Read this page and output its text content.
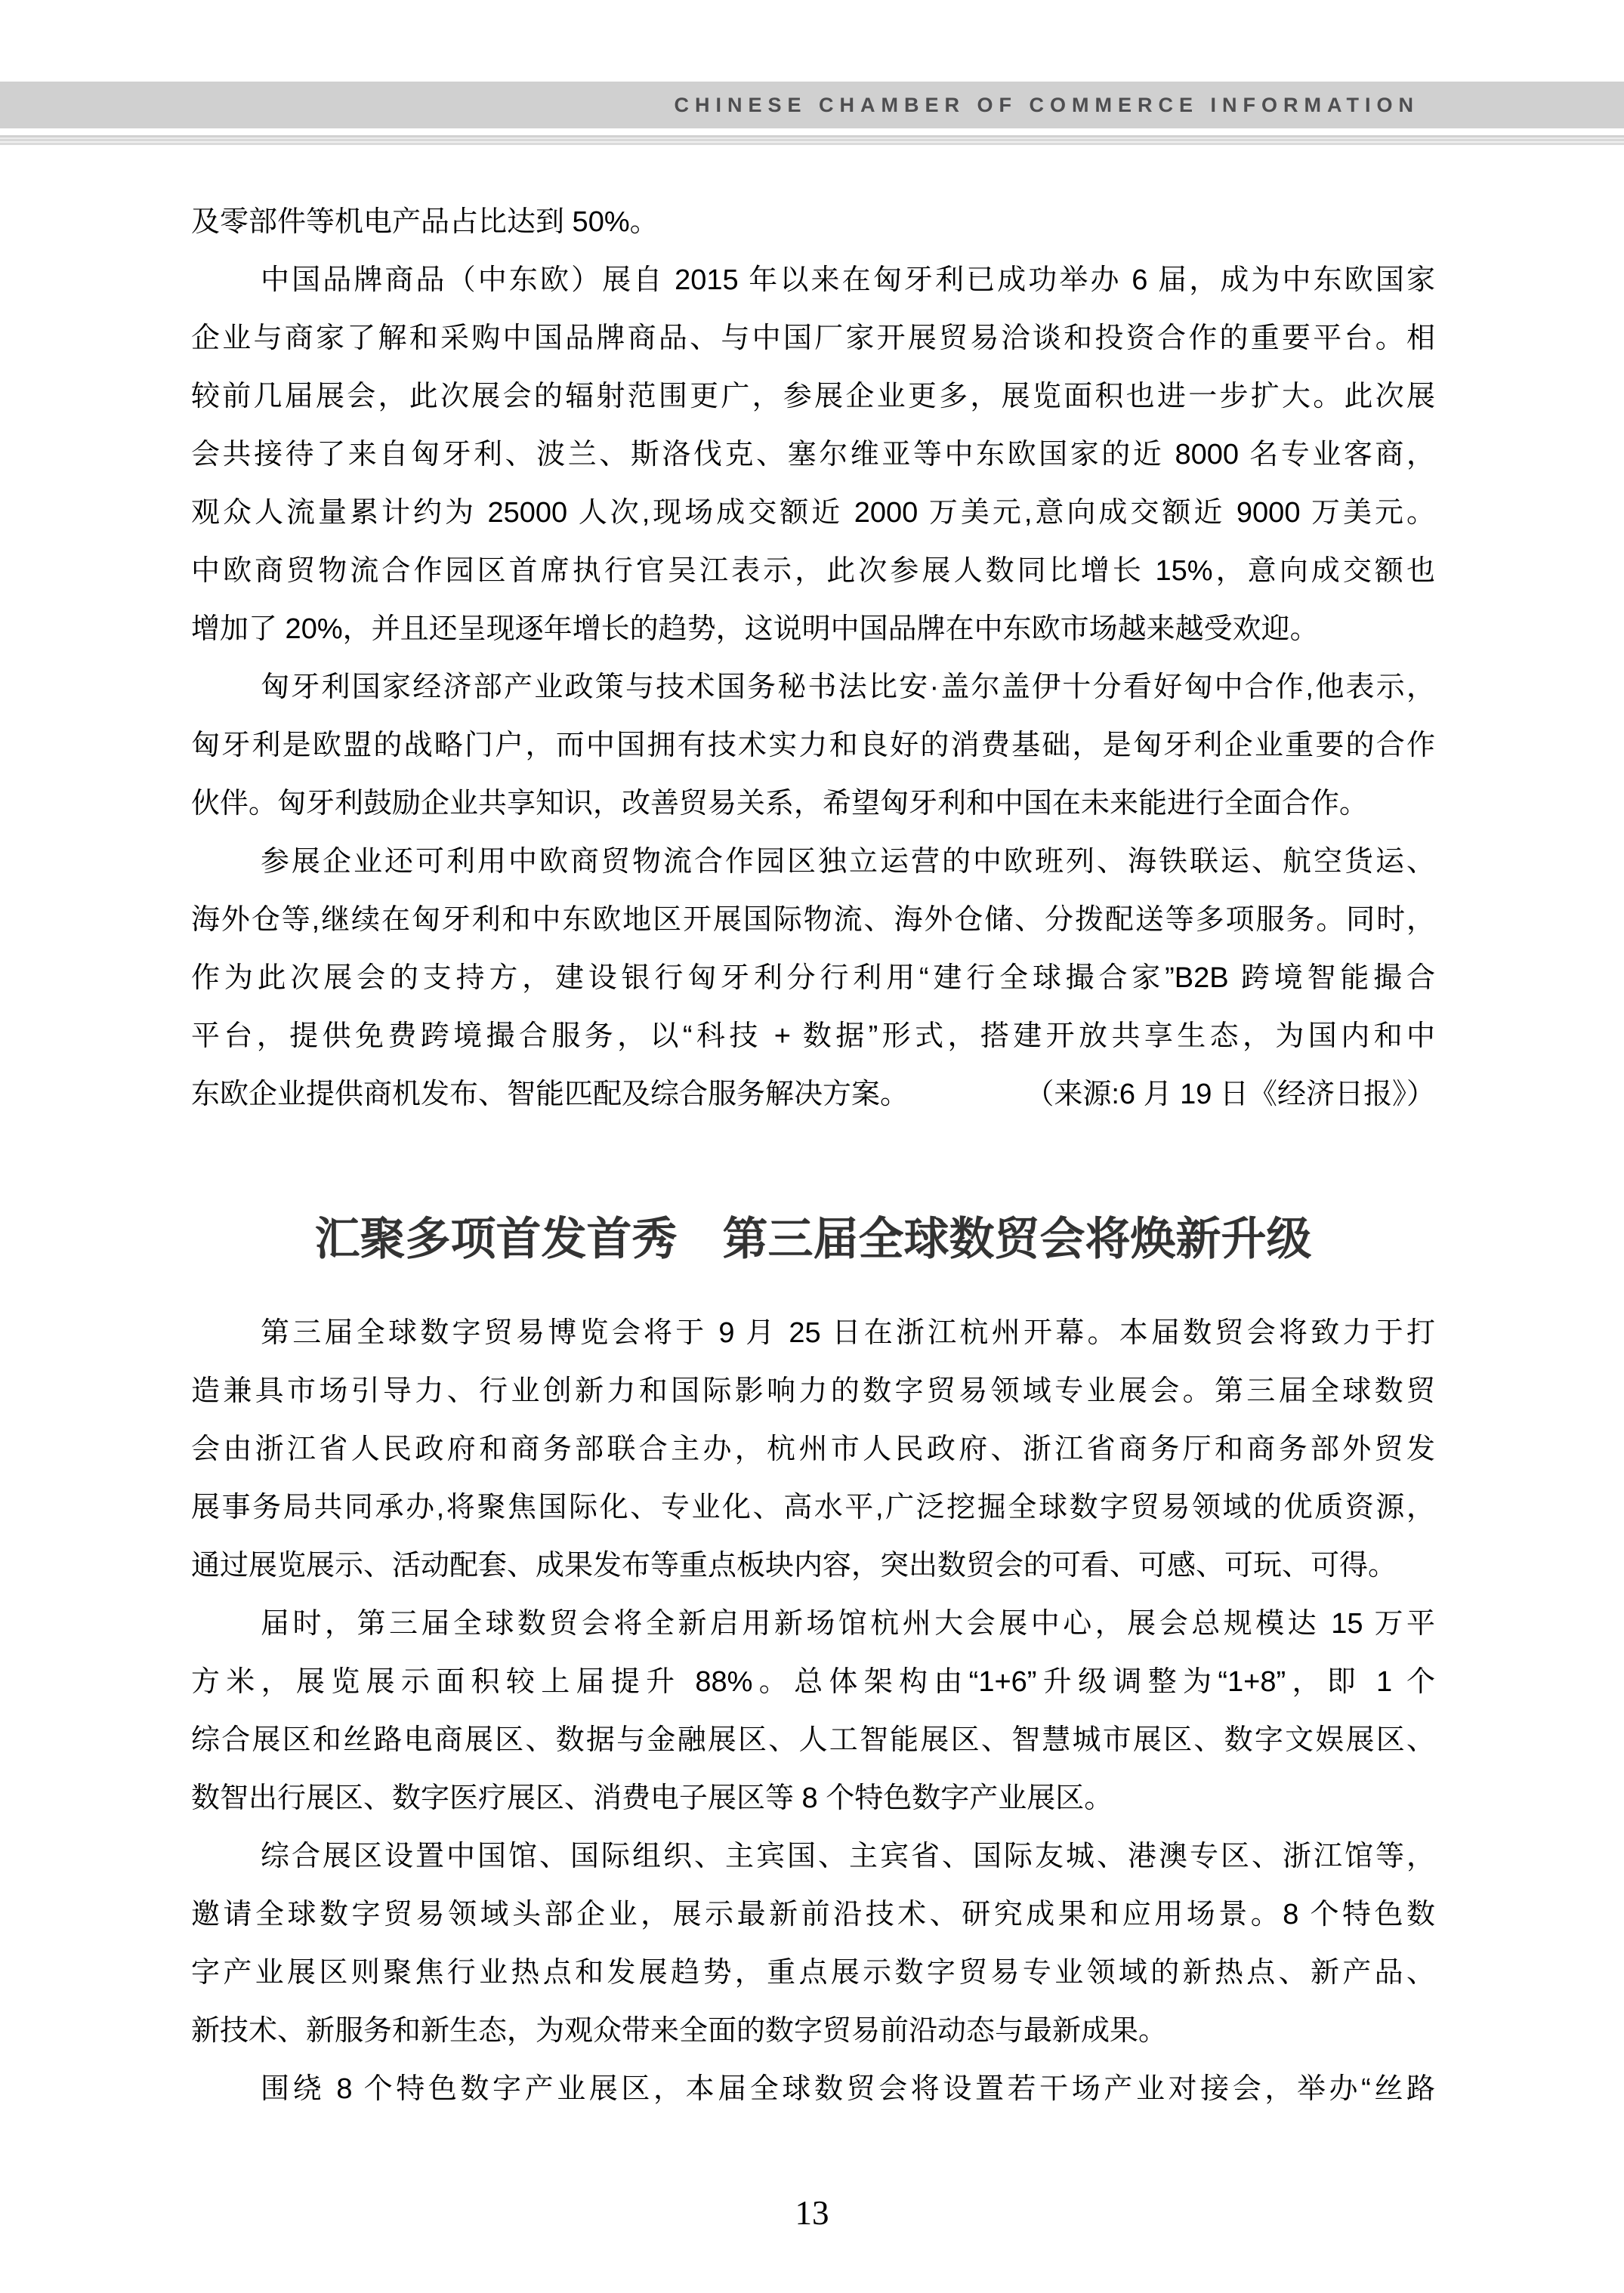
CHINESE CHAMBER OF COMMERCE INFORMATION
及零部件等机电产品占比达到 50%。
中国品牌商品（中东欧）展自 2015 年以来在匈牙利已成功举办 6 届，成为中东欧国家
企业与商家了解和采购中国品牌商品、与中国厂家开展贸易洽谈和投资合作的重要平台。相
较前几届展会，此次展会的辐射范围更广，参展企业更多，展览面积也进一步扩大。此次展
会共接待了来自匈牙利、波兰、斯洛伐克、塞尔维亚等中东欧国家的近 8000 名专业客商，
观众人流量累计约为 25000 人次,现场成交额近 2000 万美元,意向成交额近 9000 万美元。
中欧商贸物流合作园区首席执行官吴江表示，此次参展人数同比增长 15%，意向成交额也
增加了 20%，并且还呈现逐年增长的趋势，这说明中国品牌在中东欧市场越来越受欢迎。
匈牙利国家经济部产业政策与技术国务秘书法比安·盖尔盖伊十分看好匈中合作,他表示，
匈牙利是欧盟的战略门户，而中国拥有技术实力和良好的消费基础，是匈牙利企业重要的合作
伙伴。匈牙利鼓励企业共享知识，改善贸易关系，希望匈牙利和中国在未来能进行全面合作。
参展企业还可利用中欧商贸物流合作园区独立运营的中欧班列、海铁联运、航空货运、
海外仓等,继续在匈牙利和中东欧地区开展国际物流、海外仓储、分拨配送等多项服务。同时，
作为此次展会的支持方，建设银行匈牙利分行利用“建行全球撮合家”B2B 跨境智能撮合
平台，提供免费跨境撮合服务，以“科技 + 数据”形式，搭建开放共享生态，为国内和中
东欧企业提供商机发布、智能匹配及综合服务解决方案。	（来源:6 月 19 日《经济日报》）
汇聚多项首发首秀　第三届全球数贸会将焕新升级
第三届全球数字贸易博览会将于 9 月 25 日在浙江杭州开幕。本届数贸会将致力于打
造兼具市场引导力、行业创新力和国际影响力的数字贸易领域专业展会。第三届全球数贸
会由浙江省人民政府和商务部联合主办，杭州市人民政府、浙江省商务厅和商务部外贸发
展事务局共同承办,将聚焦国际化、专业化、高水平,广泛挖掘全球数字贸易领域的优质资源，
通过展览展示、活动配套、成果发布等重点板块内容，突出数贸会的可看、可感、可玩、可得。
届时，第三届全球数贸会将全新启用新场馆杭州大会展中心，展会总规模达 15 万平
方米，展览展示面积较上届提升 88%。总体架构由“1+6”升级调整为“1+8”，即 1 个
综合展区和丝路电商展区、数据与金融展区、人工智能展区、智慧城市展区、数字文娱展区、
数智出行展区、数字医疗展区、消费电子展区等 8 个特色数字产业展区。
综合展区设置中国馆、国际组织、主宾国、主宾省、国际友城、港澳专区、浙江馆等，
邀请全球数字贸易领域头部企业，展示最新前沿技术、研究成果和应用场景。8 个特色数
字产业展区则聚焦行业热点和发展趋势，重点展示数字贸易专业领域的新热点、新产品、
新技术、新服务和新生态，为观众带来全面的数字贸易前沿动态与最新成果。
围绕 8 个特色数字产业展区，本届全球数贸会将设置若干场产业对接会，举办“丝路
13
